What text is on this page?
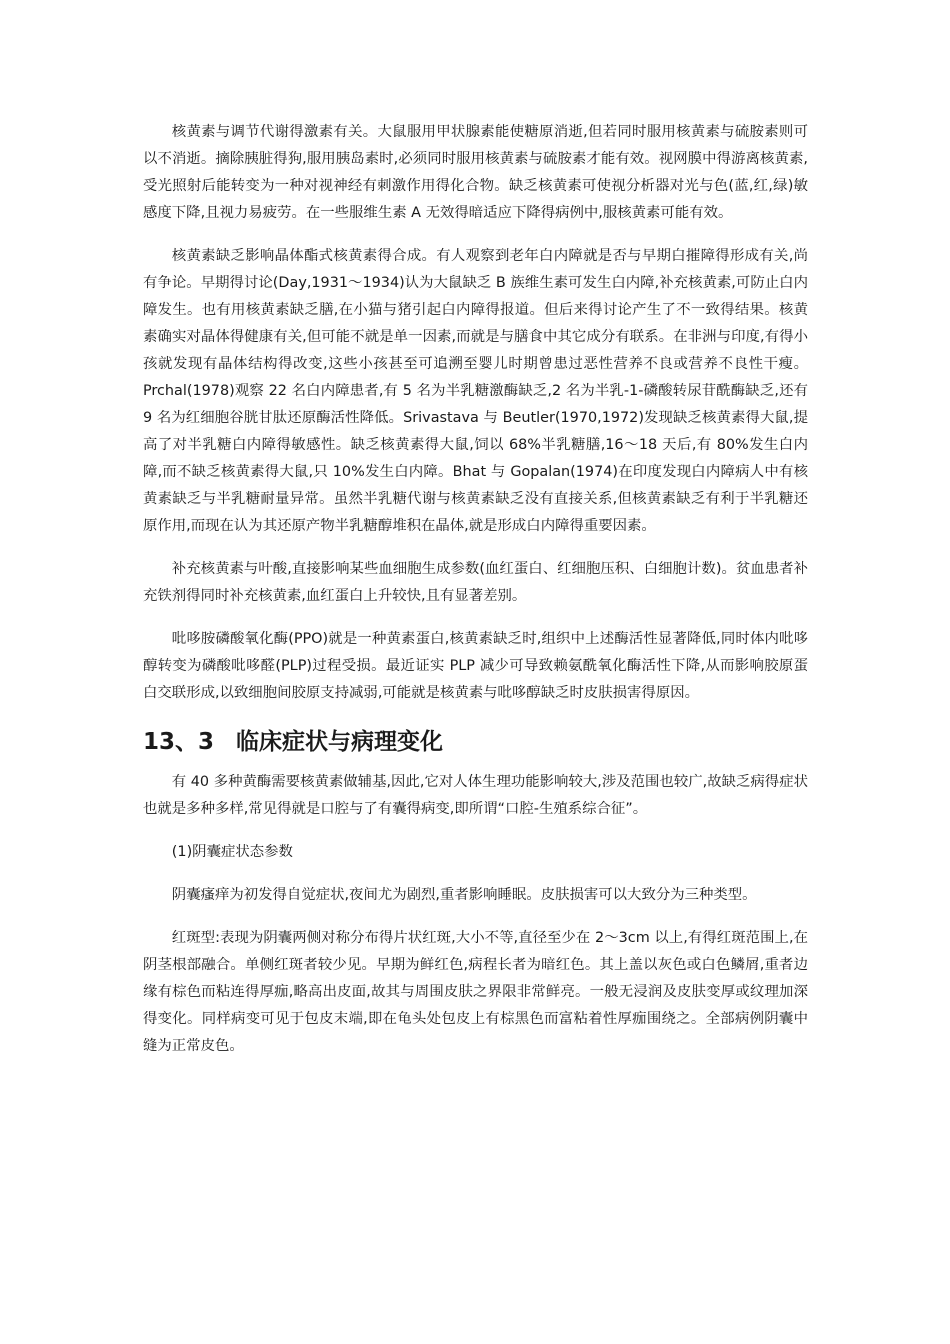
核黄素与调节代谢得激素有关。大鼠服用甲状腺素能使糖原消逝,但若同时服用核黄素与硫胺素则可以不消逝。摘除胰脏得狗,服用胰岛素时,必须同时服用核黄素与硫胺素才能有效。视网膜中得游离核黄素,受光照射后能转变为一种对视神经有刺激作用得化合物。缺乏核黄素可使视分析器对光与色(蓝,红,绿)敏感度下降,且视力易疲劳。在一些服维生素 A 无效得暗适应下降得病例中,服核黄素可能有效。

核黄素缺乏影响晶体酯式核黄素得合成。有人观察到老年白内障就是否与早期白摧障得形成有关,尚有争论。早期得讨论(Day,1931～1934)认为大鼠缺乏 B 族维生素可发生白内障,补充核黄素,可防止白内障发生。也有用核黄素缺乏膳,在小猫与猪引起白内障得报道。但后来得讨论产生了不一致得结果。核黄素确实对晶体得健康有关,但可能不就是单一因素,而就是与膳食中其它成分有联系。在非洲与印度,有得小孩就发现有晶体结构得改变,这些小孩甚至可追溯至婴儿时期曾患过恶性营养不良或营养不良性干瘦。Prchal(1978)观察 22 名白内障患者,有 5 名为半乳糖激酶缺乏,2 名为半乳-1-磷酸转尿苷酰酶缺乏,还有 9 名为红细胞谷胱甘肽还原酶活性降低。Srivastava 与 Beutler(1970,1972)发现缺乏核黄素得大鼠,提高了对半乳糖白内障得敏感性。缺乏核黄素得大鼠,饲以 68%半乳糖膳,16～18 天后,有 80%发生白内障,而不缺乏核黄素得大鼠,只 10%发生白内障。Bhat 与 Gopalan(1974)在印度发现白内障病人中有核黄素缺乏与半乳糖耐量异常。虽然半乳糖代谢与核黄素缺乏没有直接关系,但核黄素缺乏有利于半乳糖还原作用,而现在认为其还原产物半乳糖醇堆积在晶体,就是形成白内障得重要因素。

补充核黄素与叶酸,直接影响某些血细胞生成参数(血红蛋白、红细胞压积、白细胞计数)。贫血患者补充铁剂得同时补充核黄素,血红蛋白上升较快,且有显著差别。

吡哆胺磷酸氧化酶(PPO)就是一种黄素蛋白,核黄素缺乏时,组织中上述酶活性显著降低,同时体内吡哆醇转变为磷酸吡哆醛(PLP)过程受损。最近证实 PLP 减少可导致赖氨酰氧化酶活性下降,从而影响胶原蛋白交联形成,以致细胞间胶原支持减弱,可能就是核黄素与吡哆醇缺乏时皮肤损害得原因。

13、3 临床症状与病理变化

有 40 多种黄酶需要核黄素做辅基,因此,它对人体生理功能影响较大,涉及范围也较广,故缺乏病得症状也就是多种多样,常见得就是口腔与了有囊得病变,即所谓“口腔-生殖系综合征”。

(1)阴囊症状态参数

阴囊瘙痒为初发得自觉症状,夜间尤为剧烈,重者影响睡眠。皮肤损害可以大致分为三种类型。

红斑型:表现为阴囊两侧对称分布得片状红斑,大小不等,直径至少在 2～3cm 以上,有得红斑范围上,在阴茎根部融合。单侧红斑者较少见。早期为鲜红色,病程长者为暗红色。其上盖以灰色或白色鳞屑,重者边缘有棕色而粘连得厚痂,略高出皮面,故其与周围皮肤之界限非常鲜亮。一般无浸润及皮肤变厚或纹理加深得变化。同样病变可见于包皮末端,即在龟头处包皮上有棕黑色而富粘着性厚痂围绕之。全部病例阴囊中缝为正常皮色。
